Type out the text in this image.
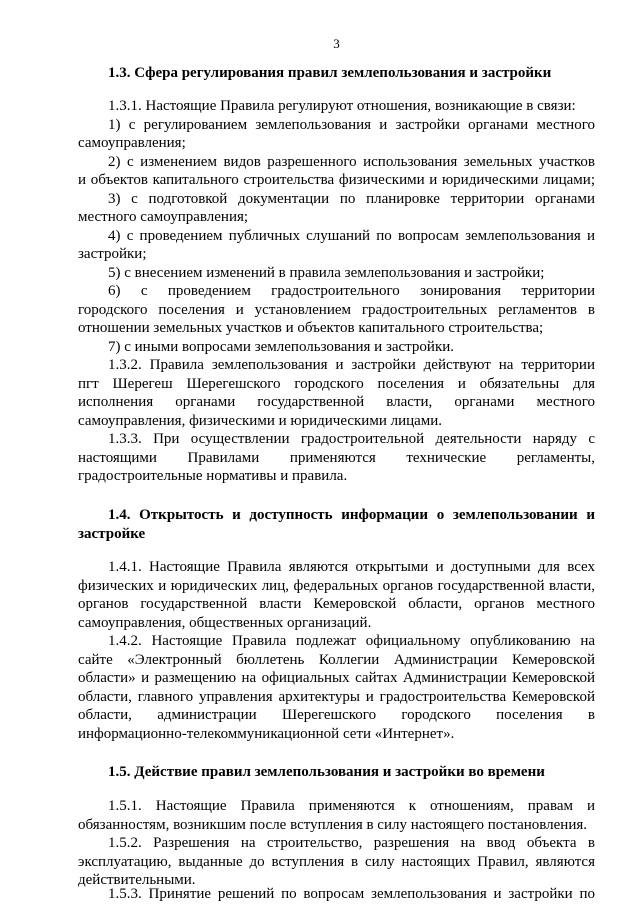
3
1.3. Сфера регулирования правил землепользования и застройки
1.3.1. Настоящие Правила регулируют отношения, возникающие в связи:
1) с регулированием землепользования и застройки органами местного
самоуправления;
2) с изменением видов разрешенного использования земельных участков
и объектов капитального строительства физическими и юридическими лицами;
3) с подготовкой документации по планировке территории органами
местного самоуправления;
4) с проведением публичных слушаний по вопросам землепользования и
застройки;
5) с внесением изменений в правила землепользования и застройки;
6) с проведением градостроительного зонирования территории
городского поселения и установлением градостроительных регламентов в
отношении земельных участков и объектов капитального строительства;
7) с иными вопросами землепользования и застройки.
1.3.2. Правила землепользования и застройки действуют на территории
пгт Шерегеш Шерегешского городского поселения и обязательны для
исполнения органами государственной власти, органами местного
самоуправления, физическими и юридическими лицами.
1.3.3. При осуществлении градостроительной деятельности наряду с
настоящими Правилами применяются технические регламенты,
градостроительные нормативы и правила.
1.4. Открытость и доступность информации о землепользовании и застройке
1.4.1. Настоящие Правила являются открытыми и доступными для всех
физических и юридических лиц, федеральных органов государственной власти,
органов государственной власти Кемеровской области, органов местного
самоуправления, общественных организаций.
1.4.2. Настоящие Правила подлежат официальному опубликованию на
сайте «Электронный бюллетень Коллегии Администрации Кемеровской
области» и размещению на официальных сайтах Администрации Кемеровской
области, главного управления архитектуры и градостроительства Кемеровской
области, администрации Шерегешского городского поселения в
информационно-телекоммуникационной сети «Интернет».
1.5. Действие правил землепользования и застройки во времени
1.5.1. Настоящие Правила применяются к отношениям, правам и
обязанностям, возникшим после вступления в силу настоящего постановления.
1.5.2. Разрешения на строительство, разрешения на ввод объекта в
эксплуатацию, выданные до вступления в силу настоящих Правил, являются
действительными.
1.5.3. Принятие решений по вопросам землепользования и застройки по
